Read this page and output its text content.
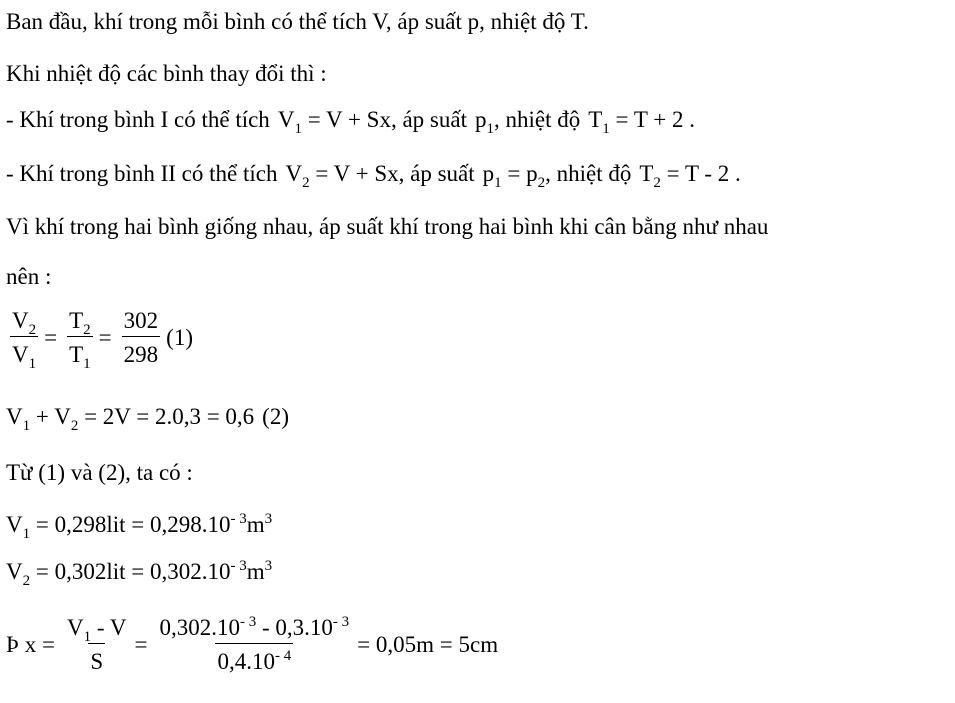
Ban đầu, khí trong mỗi bình có thể tích V, áp suất p, nhiệt độ T.
Khi nhiệt độ các bình thay đổi thì :
- Khí trong bình I có thể tích $V_1 = V + Sx$, áp suất $p_1$, nhiệt độ $T_1 = T + 2$ .
- Khí trong bình II có thể tích $V_2 = V + Sx$, áp suất $p_1 = p_2$, nhiệt độ $T_2 = T - 2$ .
Vì khí trong hai bình giống nhau, áp suất khí trong hai bình khi cân bằng như nhau
nên :
$\frac{V_2}{V_1} = \frac{T_2}{T_1} = \frac{302}{298} (1)$
$V_1 + V_2 = 2V = 2.0,3 = 0,6$ (2)
Từ (1) và (2), ta có :
$V_1 = 0,298lit = 0,298.10^{- 3}m^3$
$V_2 = 0,302lit = 0,302.10^{- 3}m^3$
Þ $x = \frac{V_1 - V}{S} = \frac{0,302.10^{- 3} - 0,3.10^{- 3}}{0,4.10^{- 4}} = 0,05m = 5cm$
